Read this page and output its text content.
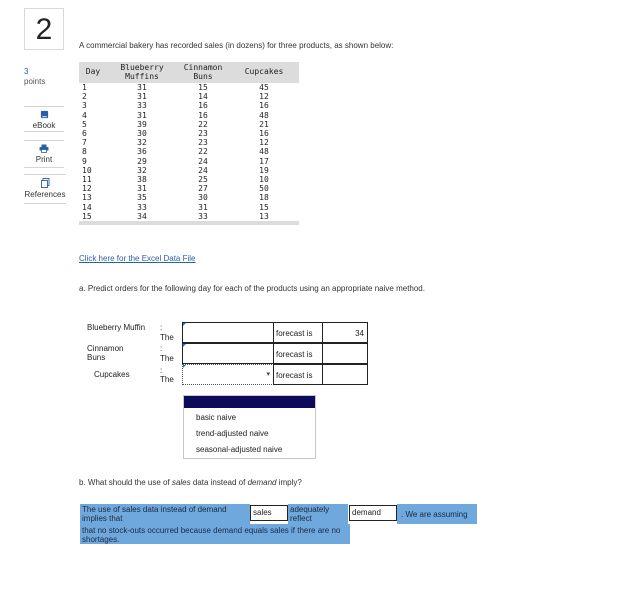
2
3
points
eBook
Print
References
A commercial bakery has recorded sales (in dozens) for three products, as shown below:
Day	Blueberry Muffins	Cinnamon Buns	Cupcakes
1	31	15	45
2	31	14	12
3	33	16	16
4	31	16	48
5	39	22	21
6	30	23	16
7	32	23	12
8	36	22	48
9	29	24	17
10	32	24	19
11	38	25	10
12	31	27	50
13	35	30	18
14	33	31	15
15	34	33	13

Click here for the Excel Data File
a. Predict orders for the following day for each of the products using an appropriate naive method.
Blueberry Muffin :
The	forecast is	34
Cinnamon Buns
:
The	forecast is
Cupcakes	:
The
▾ forecast is
basic naive
trend-adjusted naive
seasonal-adjusted naive
b. What should the use of sales data instead of demand imply?
The use of sales data instead of demand implies that
sales	adequately reflect
demand	. We are assuming
that no stock-outs occurred because demand equals sales if there are no shortages.
